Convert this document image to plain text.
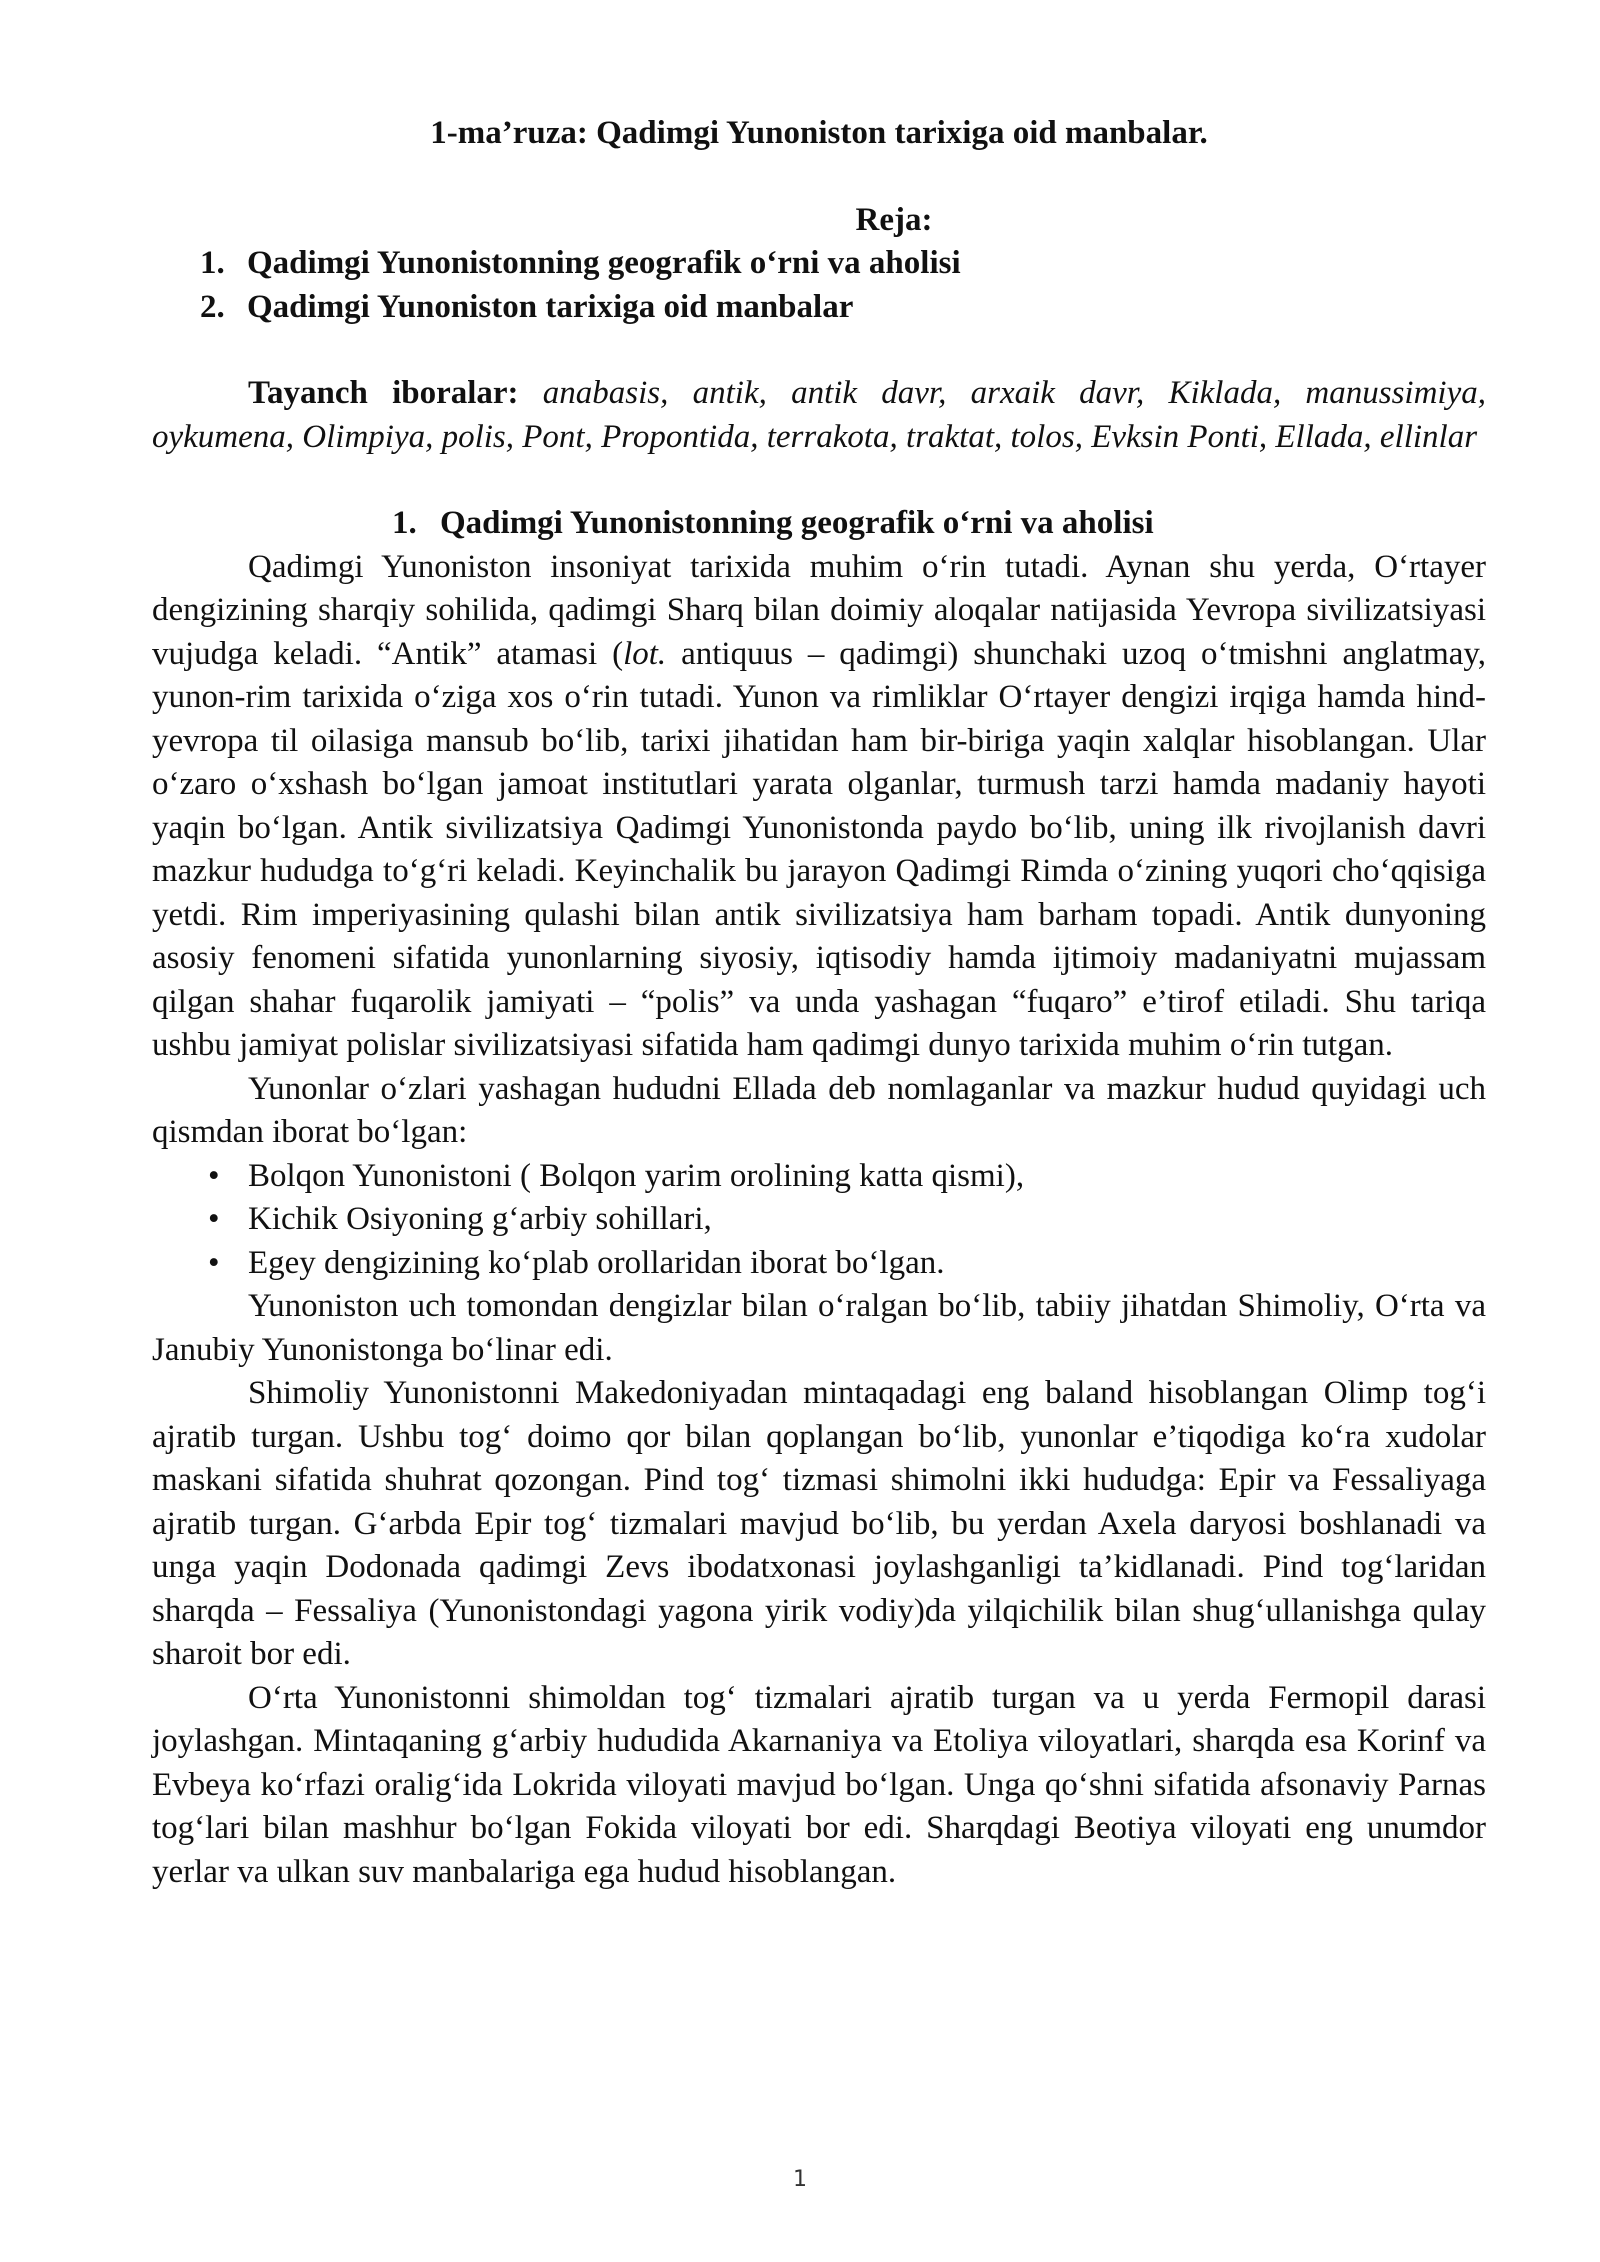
1-ma’ruza: Qadimgi Yunoniston tarixiga oid manbalar.
Reja:
1. Qadimgi Yunonistonning geografik o‘rni va aholisi
2. Qadimgi Yunoniston tarixiga oid manbalar

Tayanch iboralar: anabasis, antik, antik davr, arxaik davr, Kiklada, manussimiya, oykumena, Olimpiya, polis, Pont, Propontida, terrakota, traktat, tolos, Evksin Ponti, Ellada, ellinlar

1. Qadimgi Yunonistonning geografik o‘rni va aholisi

Qadimgi Yunoniston insoniyat tarixida muhim o‘rin tutadi. Aynan shu yerda, O‘rtayer dengizining sharqiy sohilida, qadimgi Sharq bilan doimiy aloqalar natijasida Yevropa sivilizatsiyasi vujudga keladi. “Antik” atamasi (lot. antiquus – qadimgi) shunchaki uzoq o‘tmishni anglatmay, yunon-rim tarixida o‘ziga xos o‘rin tutadi. Yunon va rimliklar O‘rtayer dengizi irqiga hamda hind-yevropa til oilasiga mansub bo‘lib, tarixi jihatidan ham bir-biriga yaqin xalqlar hisoblangan. Ular o‘zaro o‘xshash bo‘lgan jamoat institutlari yarata olganlar, turmush tarzi hamda madaniy hayoti yaqin bo‘lgan. Antik sivilizatsiya Qadimgi Yunonistonda paydo bo‘lib, uning ilk rivojlanish davri mazkur hududga to‘g‘ri keladi. Keyinchalik bu jarayon Qadimgi Rimda o‘zining yuqori cho‘qqisiga yetdi. Rim imperiyasining qulashi bilan antik sivilizatsiya ham barham topadi. Antik dunyoning asosiy fenomeni sifatida yunonlarning siyosiy, iqtisodiy hamda ijtimoiy madaniyatni mujassam qilgan shahar fuqarolik jamiyati – “polis” va unda yashagan “fuqaro” e’tirof etiladi. Shu tariqa ushbu jamiyat polislar sivilizatsiyasi sifatida ham qadimgi dunyo tarixida muhim o‘rin tutgan.

Yunonlar o‘zlari yashagan hududni Ellada deb nomlaganlar va mazkur hudud quyidagi uch qismdan iborat bo‘lgan:

• Bolqon Yunonistoni ( Bolqon yarim orolining katta qismi),
• Kichik Osiyoning g‘arbiy sohillari,
• Egey dengizining ko‘plab orollaridan iborat bo‘lgan.

Yunoniston uch tomondan dengizlar bilan o‘ralgan bo‘lib, tabiiy jihatdan Shimoliy, O‘rta va Janubiy Yunonistonga bo‘linar edi.

Shimoliy Yunonistonni Makedoniyadan mintaqadagi eng baland hisoblangan Olimp tog‘i ajratib turgan. Ushbu tog‘ doimo qor bilan qoplangan bo‘lib, yunonlar e’tiqodiga ko‘ra xudolar maskani sifatida shuhrat qozongan. Pind tog‘ tizmasi shimolni ikki hududga: Epir va Fessaliyaga ajratib turgan. G‘arbda Epir tog‘ tizmalari mavjud bo‘lib, bu yerdan Axela daryosi boshlanadi va unga yaqin Dodonada qadimgi Zevs ibodatxonasi joylashganligi ta’kidlanadi. Pind tog‘laridan sharqda – Fessaliya (Yunonistondagi yagona yirik vodiy)da yilqichilik bilan shug‘ullanishga qulay sharoit bor edi.

O‘rta Yunonistonni shimoldan tog‘ tizmalari ajratib turgan va u yerda Fermopil darasi joylashgan. Mintaqaning g‘arbiy hududida Akarnaniya va Etoliya viloyatlari, sharqda esa Korinf va Evbeya ko‘rfazi oralig‘ida Lokrida viloyati mavjud bo‘lgan. Unga qo‘shni sifatida afsonaviy Parnas tog‘lari bilan mashhur bo‘lgan Fokida viloyati bor edi. Sharqdagi Beotiya viloyati eng unumdor yerlar va ulkan suv manbalariga ega hudud hisoblangan.

1
